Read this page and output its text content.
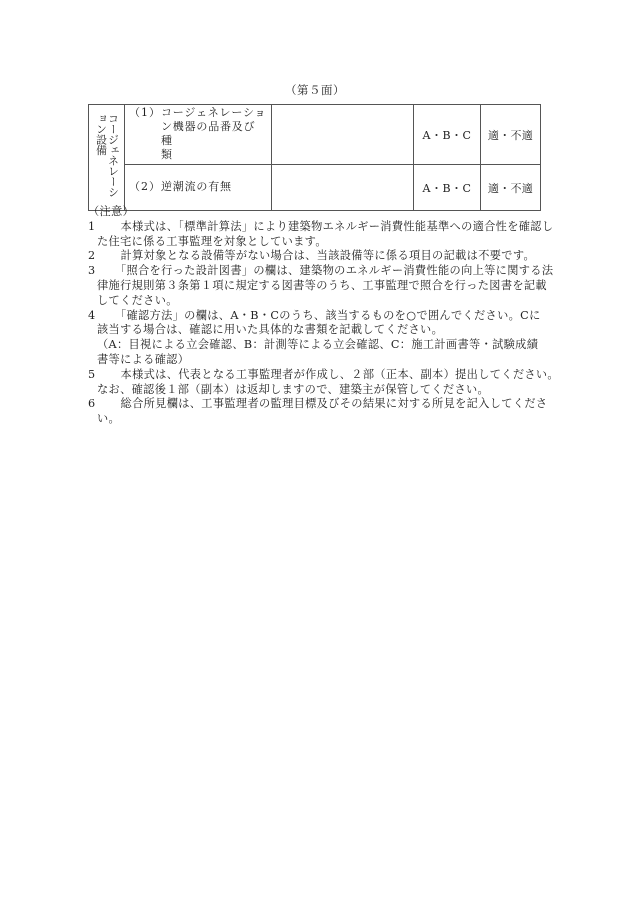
（第５面）
コージェネレーション設備	（1） コージェネレーショ
ン機器の品番及び種
類		A・B・C	適・不適

	（2） 逆潮流の有無		A・B・C	適・不適
（注意）
1　 本様式は、「標準計算法」により建築物エネルギー消費性能基準への適合性を確認し
た住宅に係る工事監理を対象としています。
2　 計算対象となる設備等がない場合は、当該設備等に係る項目の記載は不要です。
3　 「照合を行った設計図書」の欄は、建築物のエネルギー消費性能の向上等に関する法
律施行規則第３条第１項に規定する図書等のうち、工事監理で照合を行った図書を記載
してください。
4　 「確認方法」の欄は、A・B・Cのうち、該当するものを○で囲んでください。Cに
該当する場合は、確認に用いた具体的な書類を記載してください。
（A：目視による立会確認、B：計測等による立会確認、C：施工計画書等・試験成績
書等による確認）
5　 本様式は、代表となる工事監理者が作成し、２部（正本、副本）提出してください。
なお、確認後１部（副本）は返却しますので、建築主が保管してください。
6　 総合所見欄は、工事監理者の監理目標及びその結果に対する所見を記入してくださ
い。
